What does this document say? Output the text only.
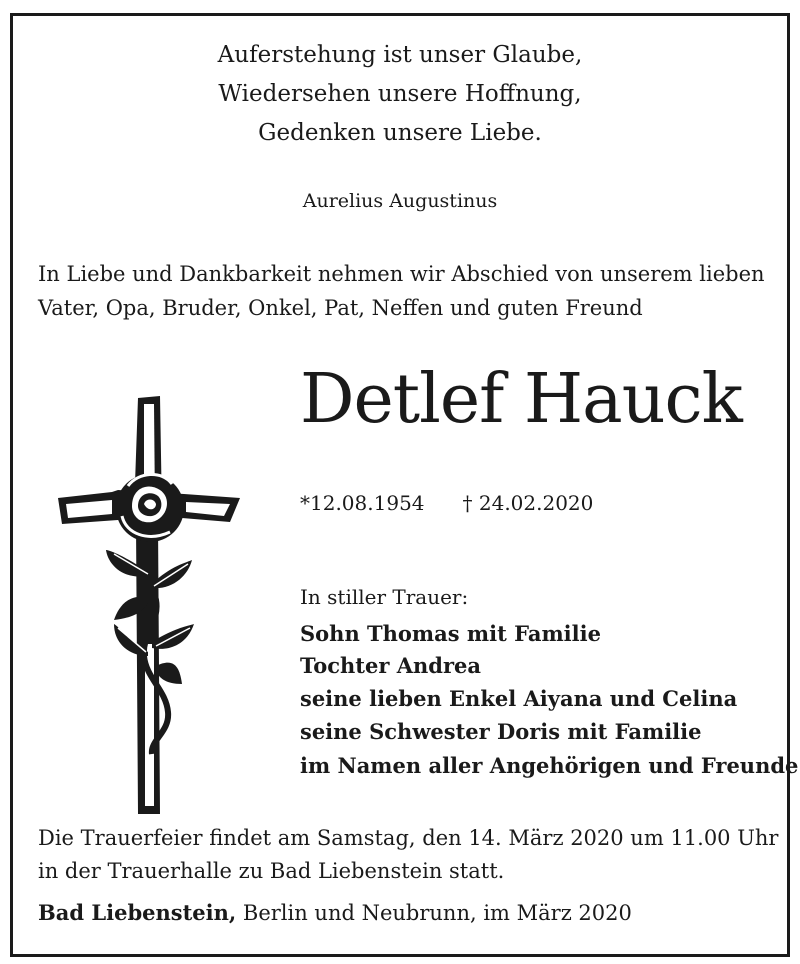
Auferstehung ist unser Glaube,
Wiedersehen unsere Hoffnung,
Gedenken unsere Liebe.
Aurelius Augustinus
In Liebe und Dankbarkeit nehmen wir Abschied von unserem lieben
Vater, Opa, Bruder, Onkel, Pat, Neffen und guten Freund
Detlef Hauck
*12.08.1954 † 24.02.2020
In stiller Trauer:
Sohn Thomas mit Familie
Tochter Andrea
seine lieben Enkel Aiyana und Celina
seine Schwester Doris mit Familie
im Namen aller Angehörigen und Freunde
Die Trauerfeier findet am Samstag, den 14. März 2020 um 11.00 Uhr
in der Trauerhalle zu Bad Liebenstein statt.
Bad Liebenstein, Berlin und Neubrunn, im März 2020
